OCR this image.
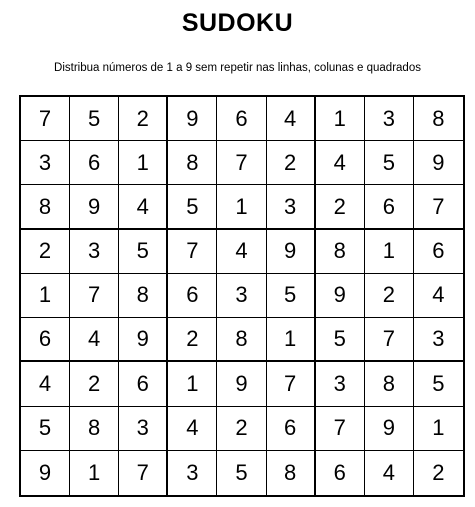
SUDOKU
Distribua números de 1 a 9 sem repetir nas linhas, colunas e quadrados
7	5	2	9	6	4	1	3	8
3	6	1	8	7	2	4	5	9
8	9	4	5	1	3	2	6	7
2	3	5	7	4	9	8	1	6
1	7	8	6	3	5	9	2	4
6	4	9	2	8	1	5	7	3
4	2	6	1	9	7	3	8	5
5	8	3	4	2	6	7	9	1
9	1	7	3	5	8	6	4	2
